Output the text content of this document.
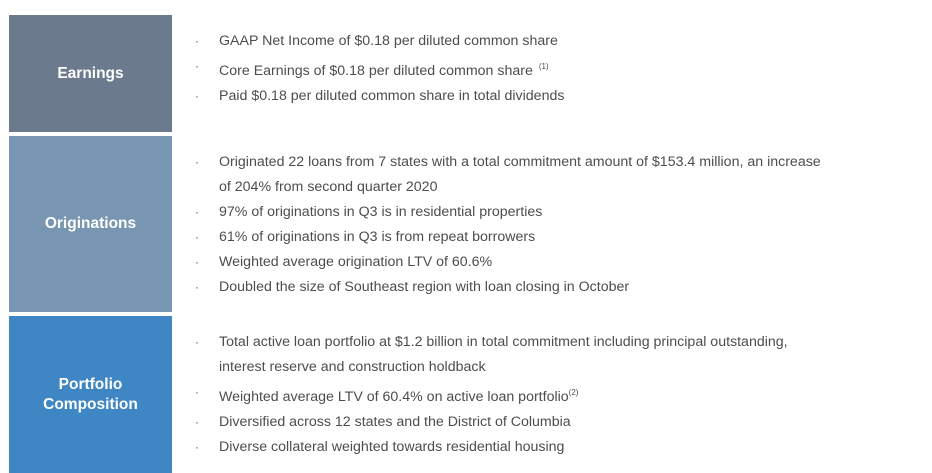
Earnings
· GAAP Net Income of $0.18 per diluted common share
· Core Earnings of $0.18 per diluted common share $^{(1)}$
· Paid $0.18 per diluted common share in total dividends
Originations
· Originated 22 loans from 7 states with a total commitment amount of $153.4 million, an increase
of 204% from second quarter 2020
· 97% of originations in Q3 is in residential properties
· 61% of originations in Q3 is from repeat borrowers
· Weighted average origination LTV of 60.6%
· Doubled the size of Southeast region with loan closing in October
Portfolio
Composition
· Total active loan portfolio at $1.2 billion in total commitment including principal outstanding,
interest reserve and construction holdback
· Weighted average LTV of 60.4% on active loan portfolio$^{(2)}$
· Diversified across 12 states and the District of Columbia
· Diverse collateral weighted towards residential housing
